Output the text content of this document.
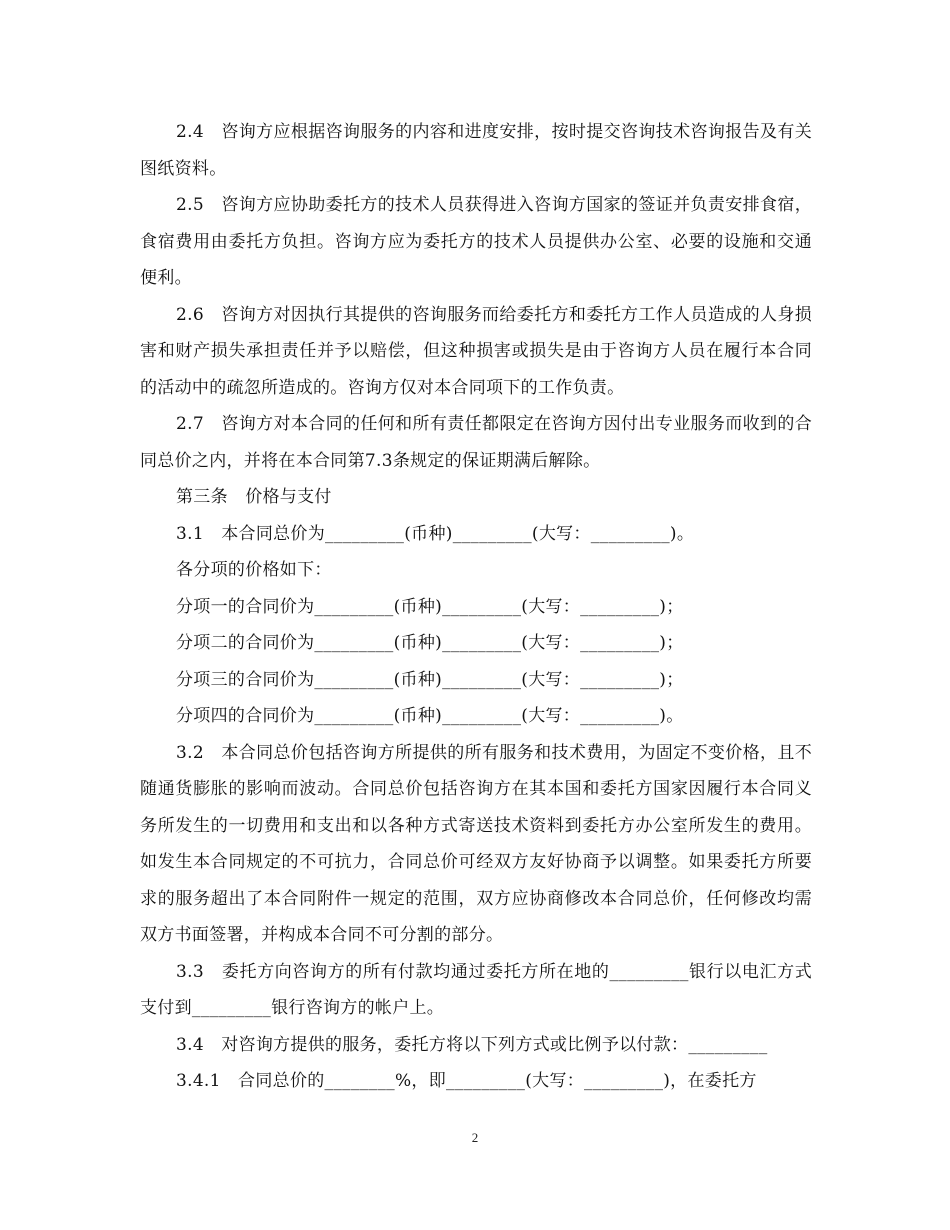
2.4　咨询方应根据咨询服务的内容和进度安排，按时提交咨询技术咨询报告及有关图纸资料。

2.5　咨询方应协助委托方的技术人员获得进入咨询方国家的签证并负责安排食宿，食宿费用由委托方负担。咨询方应为委托方的技术人员提供办公室、必要的设施和交通便利。

2.6　咨询方对因执行其提供的咨询服务而给委托方和委托方工作人员造成的人身损害和财产损失承担责任并予以赔偿，但这种损害或损失是由于咨询方人员在履行本合同的活动中的疏忽所造成的。咨询方仅对本合同项下的工作负责。

2.7　咨询方对本合同的任何和所有责任都限定在咨询方因付出专业服务而收到的合同总价之内，并将在本合同第7.3条规定的保证期满后解除。

第三条　价格与支付

3.1　本合同总价为_________(币种)_________(大写：_________)。

各分项的价格如下：

分项一的合同价为_________(币种)_________(大写：_________)；

分项二的合同价为_________(币种)_________(大写：_________)；

分项三的合同价为_________(币种)_________(大写：_________)；

分项四的合同价为_________(币种)_________(大写：_________)。

3.2　本合同总价包括咨询方所提供的所有服务和技术费用，为固定不变价格，且不随通货膨胀的影响而波动。合同总价包括咨询方在其本国和委托方国家因履行本合同义务所发生的一切费用和支出和以各种方式寄送技术资料到委托方办公室所发生的费用。如发生本合同规定的不可抗力，合同总价可经双方友好协商予以调整。如果委托方所要求的服务超出了本合同附件一规定的范围，双方应协商修改本合同总价，任何修改均需双方书面签署，并构成本合同不可分割的部分。

3.3　委托方向咨询方的所有付款均通过委托方所在地的_________银行以电汇方式支付到_________银行咨询方的帐户上。

3.4　对咨询方提供的服务，委托方将以下列方式或比例予以付款：_________

3.4.1　合同总价的________%，即_________(大写：_________)，在委托方

2
